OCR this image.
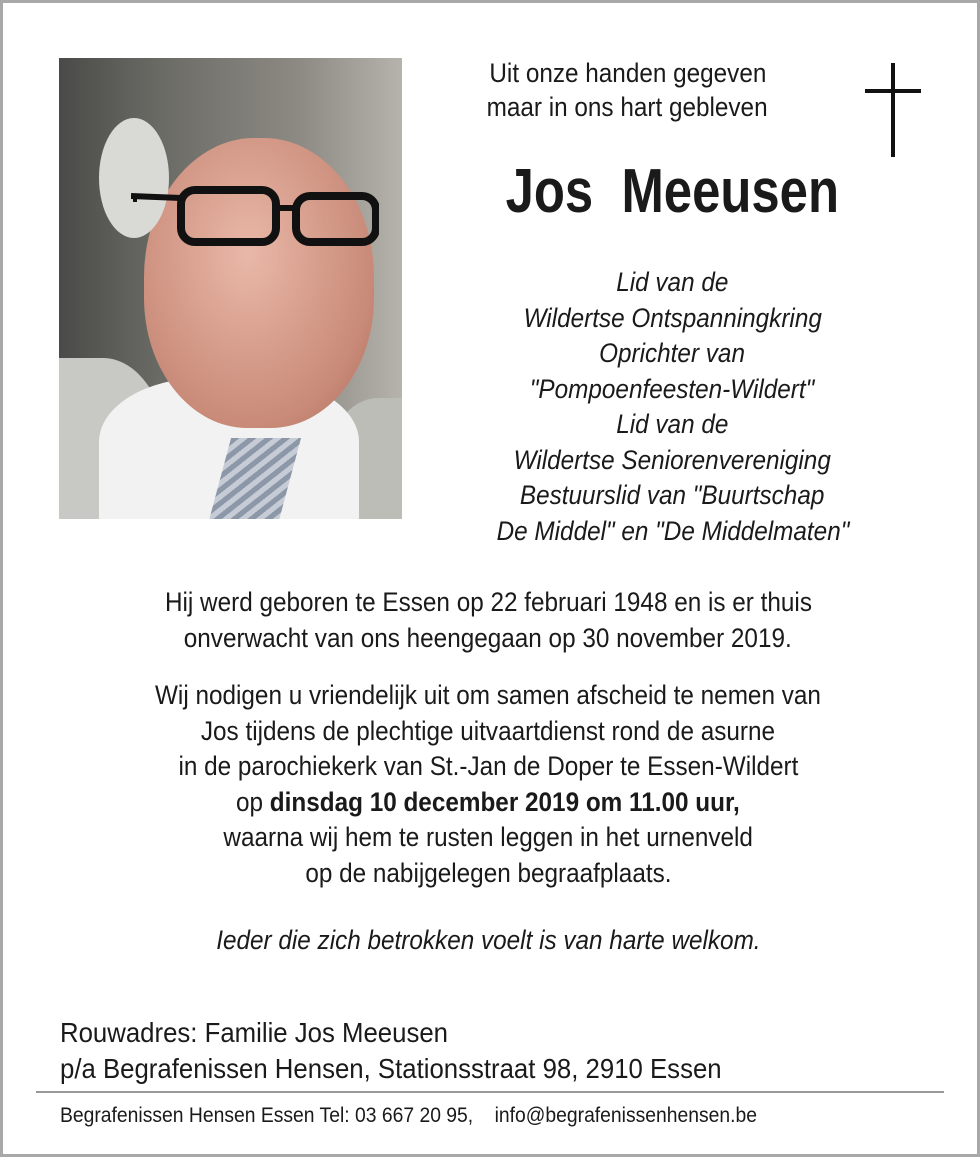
Uit onze handen gegeven
maar in ons hart gebleven
Jos  Meeusen
Lid van de
Wildertse Ontspanningkring
Oprichter van
"Pompoenfeesten-Wildert"
Lid van de
Wildertse Seniorenvereniging
Bestuurslid van "Buurtschap
De Middel" en "De Middelmaten"
Hij werd geboren te Essen op 22 februari 1948 en is er thuis
onverwacht van ons heengegaan op 30 november 2019.
Wij nodigen u vriendelijk uit om samen afscheid te nemen van
Jos tijdens de plechtige uitvaartdienst rond de asurne
in de parochiekerk van St.-Jan de Doper te Essen-Wildert
op dinsdag 10 december 2019 om 11.00 uur,
waarna wij hem te rusten leggen in het urnenveld
op de nabijgelegen begraafplaats.
Ieder die zich betrokken voelt is van harte welkom.
Rouwadres: Familie Jos Meeusen
p/a Begrafenissen Hensen, Stationsstraat 98, 2910 Essen
Begrafenissen Hensen Essen Tel: 03 667 20 95,    info@begrafenissenhensen.be
